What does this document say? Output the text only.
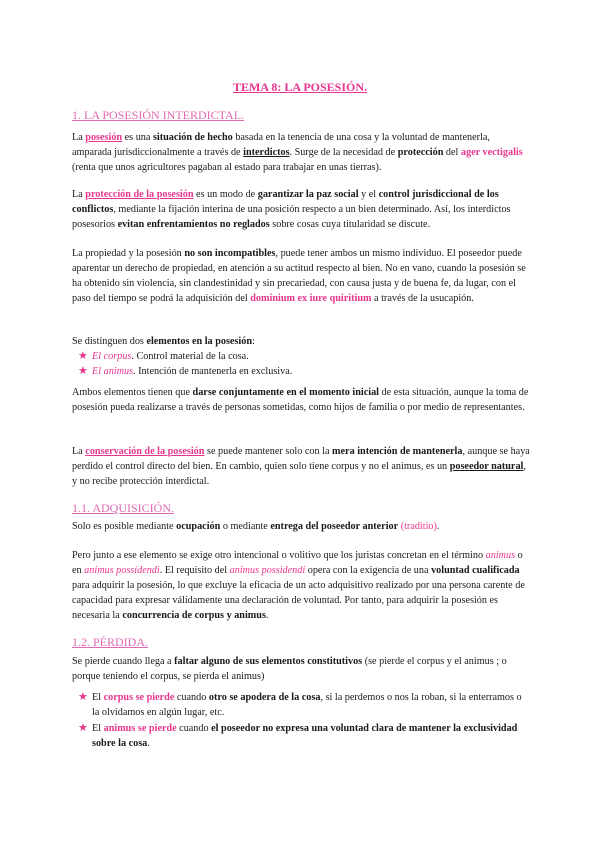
TEMA 8: LA POSESIÓN.
1. LA POSESIÓN INTERDICTAL.
La posesión es una situación de hecho basada en la tenencia de una cosa y la voluntad de mantenerla, amparada jurisdiccionalmente a través de interdictos. Surge de la necesidad de protección del ager vectigalis (renta que unos agricultores pagaban al estado para trabajar en unas tierras).
La protección de la posesión es un modo de garantizar la paz social y el control jurisdiccional de los conflictos, mediante la fijación interina de una posición respecto a un bien determinado. Así, los interdictos posesorios evitan enfrentamientos no reglados sobre cosas cuya titularidad se discute.
La propiedad y la posesión no son incompatibles, puede tener ambos un mismo individuo. El poseedor puede aparentar un derecho de propiedad, en atención a su actitud respecto al bien. No en vano, cuando la posesión se ha obtenido sin violencia, sin clandestinidad y sin precariedad, con causa justa y de buena fe, da lugar, con el paso del tiempo se podrá la adquisición del dominium ex iure quiritium a través de la usucapión.
Se distinguen dos elementos en la posesión:
★ El corpus. Control material de la cosa.
★ El animus. Intención de mantenerla en exclusiva.
Ambos elementos tienen que darse conjuntamente en el momento inicial de esta situación, aunque la toma de posesión pueda realizarse a través de personas sometidas, como hijos de familia o por medio de representantes.
La conservación de la posesión se puede mantener solo con la mera intención de mantenerla, aunque se haya perdido el control directo del bien. En cambio, quien solo tiene corpus y no el animus, es un poseedor natural, y no recibe protección interdictal.
1.1. ADQUISICIÓN.
Solo es posible mediante ocupación o mediante entrega del poseedor anterior (traditio).
Pero junto a ese elemento se exige otro intencional o volitivo que los juristas concretan en el término animus o en animus possidendi. El requisito del animus possidendi opera con la exigencia de una voluntad cualificada para adquirir la posesión, lo que excluye la eficacia de un acto adquisitivo realizado por una persona carente de capacidad para expresar válidamente una declaración de voluntad. Por tanto, para adquirir la posesión es necesaria la concurrencia de corpus y animus.
1.2. PÉRDIDA.
Se pierde cuando llega a faltar alguno de sus elementos constitutivos (se pierde el corpus y el animus ; o porque teniendo el corpus, se pierda el animus)
★ El corpus se pierde cuando otro se apodera de la cosa, si la perdemos o nos la roban, si la enterramos o la olvidamos en algún lugar, etc.
★ El animus se pierde cuando el poseedor no expresa una voluntad clara de mantener la exclusividad sobre la cosa.
